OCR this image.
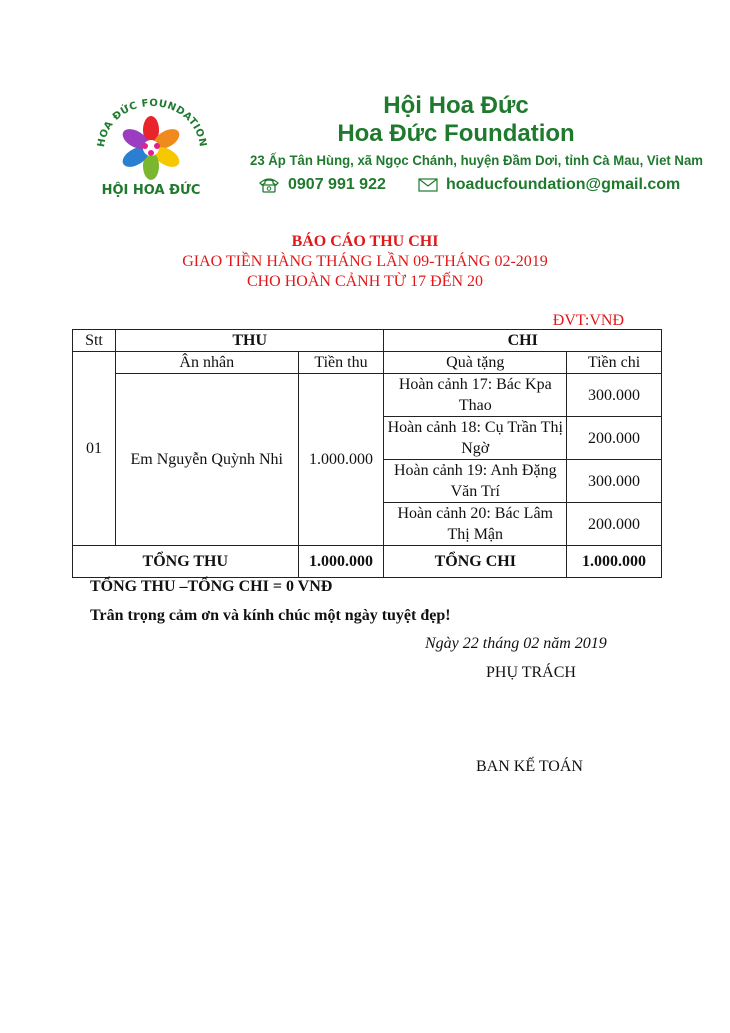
HOA ĐỨC FOUNDATION
HỘI HOA ĐỨC
Hội Hoa Đức
Hoa Đức Foundation
23 Ấp Tân Hùng, xã Ngọc Chánh, huyện Đầm Dơi, tỉnh Cà Mau, Viet Nam
0907 991 922	hoaducfoundation@gmail.com
BÁO CÁO THU CHI
GIAO TIỀN HÀNG THÁNG LẦN 09-THÁNG 02-2019
CHO HOÀN CẢNH TỪ 17 ĐẾN 20
ĐVT:VNĐ
Stt	THU		CHI	
01	Ân nhân	Tiền thu	Quà tặng	Tiền chi
	Em Nguyễn Quỳnh Nhi	1.000.000	Hoàn cảnh 17: Bác Kpa Thao	300.000
			Hoàn cảnh 18: Cụ Trần Thị Ngờ	200.000
			Hoàn cảnh 19: Anh Đặng Văn Trí	300.000
			Hoàn cảnh 20: Bác Lâm Thị Mận	200.000
TỔNG THU		1.000.000	TỔNG CHI	1.000.000
TỔNG THU –TỔNG CHI = 0 VNĐ
Trân trọng cảm ơn và kính chúc một ngày tuyệt đẹp!
Ngày 22 tháng 02 năm 2019
PHỤ TRÁCH
BAN KẾ TOÁN
